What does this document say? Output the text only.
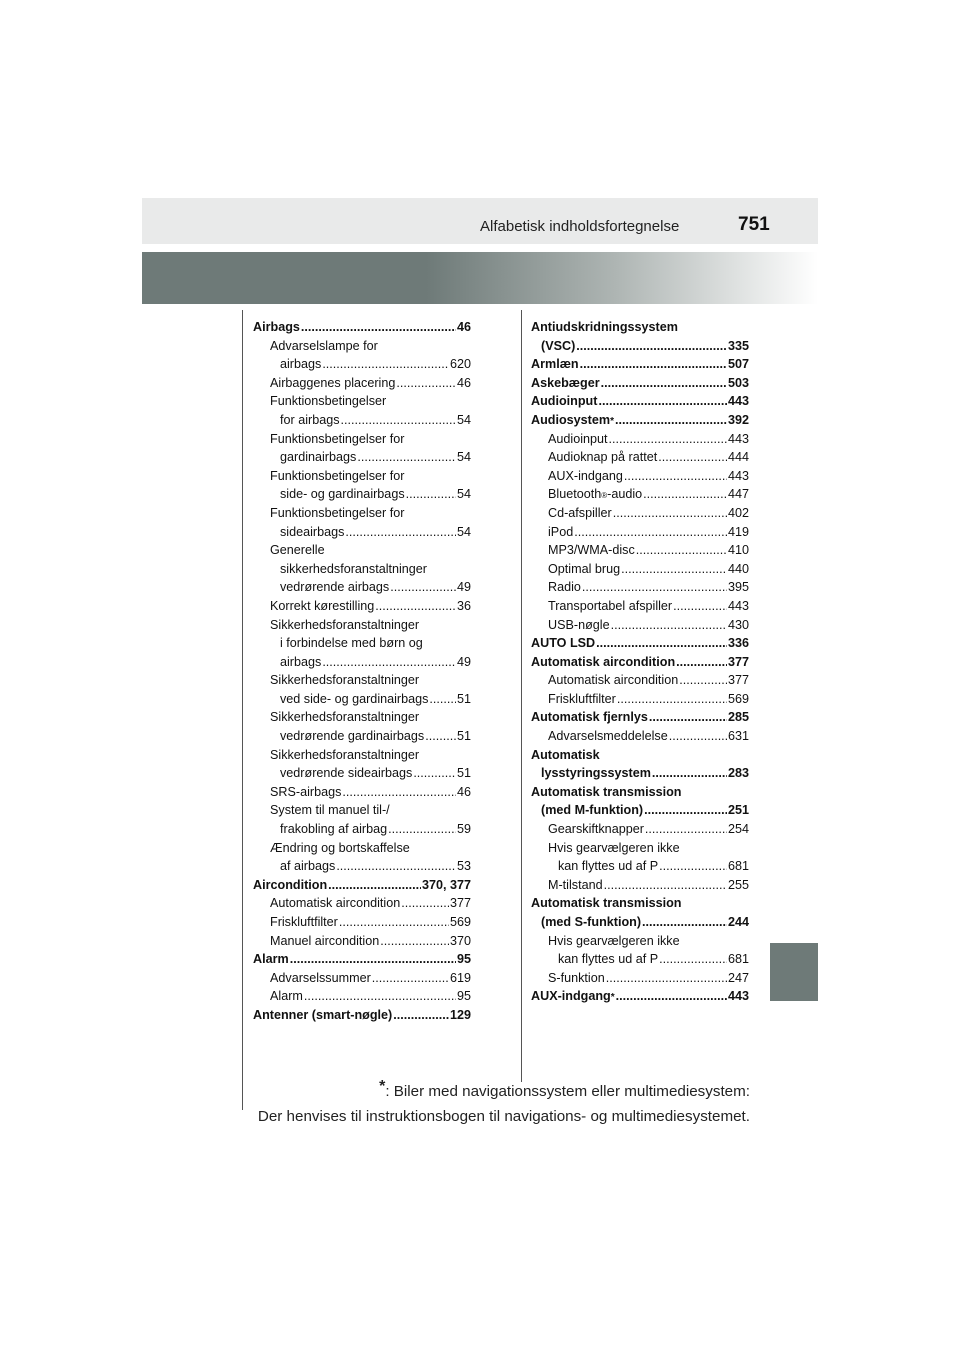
Alfabetisk indholdsfortegnelse	751
Airbags .....	46
Advarselslampe for
airbags .....	620
Airbaggenes placering .....	46
Funktionsbetingelser
for airbags .....	54
Funktionsbetingelser for
gardinairbags .....	54
Funktionsbetingelser for
side- og gardinairbags .....	54
Funktionsbetingelser for
sideairbags .....	54
Generelle
sikkerhedsforanstaltninger
vedrørende airbags .....	49
Korrekt kørestilling .....	36
Sikkerhedsforanstaltninger
i forbindelse med børn og
airbags .....	49
Sikkerhedsforanstaltninger
ved side- og gardinairbags ..... 51
Sikkerhedsforanstaltninger
vedrørende gardinairbags .....	51
Sikkerhedsforanstaltninger
vedrørende sideairbags .....	51
SRS-airbags .....	46
System til manuel til-/
frakobling af airbag .....	59
Ændring og bortskaffelse
af airbags .....	53
Aircondition .....	370, 377
Automatisk aircondition .....	377
Friskluftfilter .....	569
Manuel aircondition .....	370
Alarm .....	95
Advarselssummer .....	619
Alarm .....	95
Antenner (smart-nøgle) .....	129
Antiudskridningssystem
(VSC) .....	335
Armlæn .....	507
Askebæger .....	503
Audioinput .....	443
Audiosystem * .....	392
Audioinput .....	443
Audioknap på rattet .....	444
AUX-indgang .....	443
Bluetooth ® -audio .....	447
Cd-afspiller .....	402
iPod .....	419
MP3/WMA-disc .....	410
Optimal brug .....	440
Radio .....	395
Transportabel afspiller .....	443
USB-nøgle .....	430
AUTO LSD .....	336
Automatisk aircondition .....	377
Automatisk aircondition .....	377
Friskluftfilter .....	569
Automatisk fjernlys .....	285
Advarselsmeddelelse .....	631
Automatisk
lysstyringssystem .....	283
Automatisk transmission
(med M-funktion) .....	251
Gearskiftknapper .....	254
Hvis gearvælgeren ikke
kan flyttes ud af P .....	681
M-tilstand .....	255
Automatisk transmission
(med S-funktion) .....	244
Hvis gearvælgeren ikke
kan flyttes ud af P .....	681
S-funktion .....	247
AUX-indgang * .....	443
*: Biler med navigationssystem eller multimediesystem:
Der henvises til instruktionsbogen til navigations- og multimediesystemet.
